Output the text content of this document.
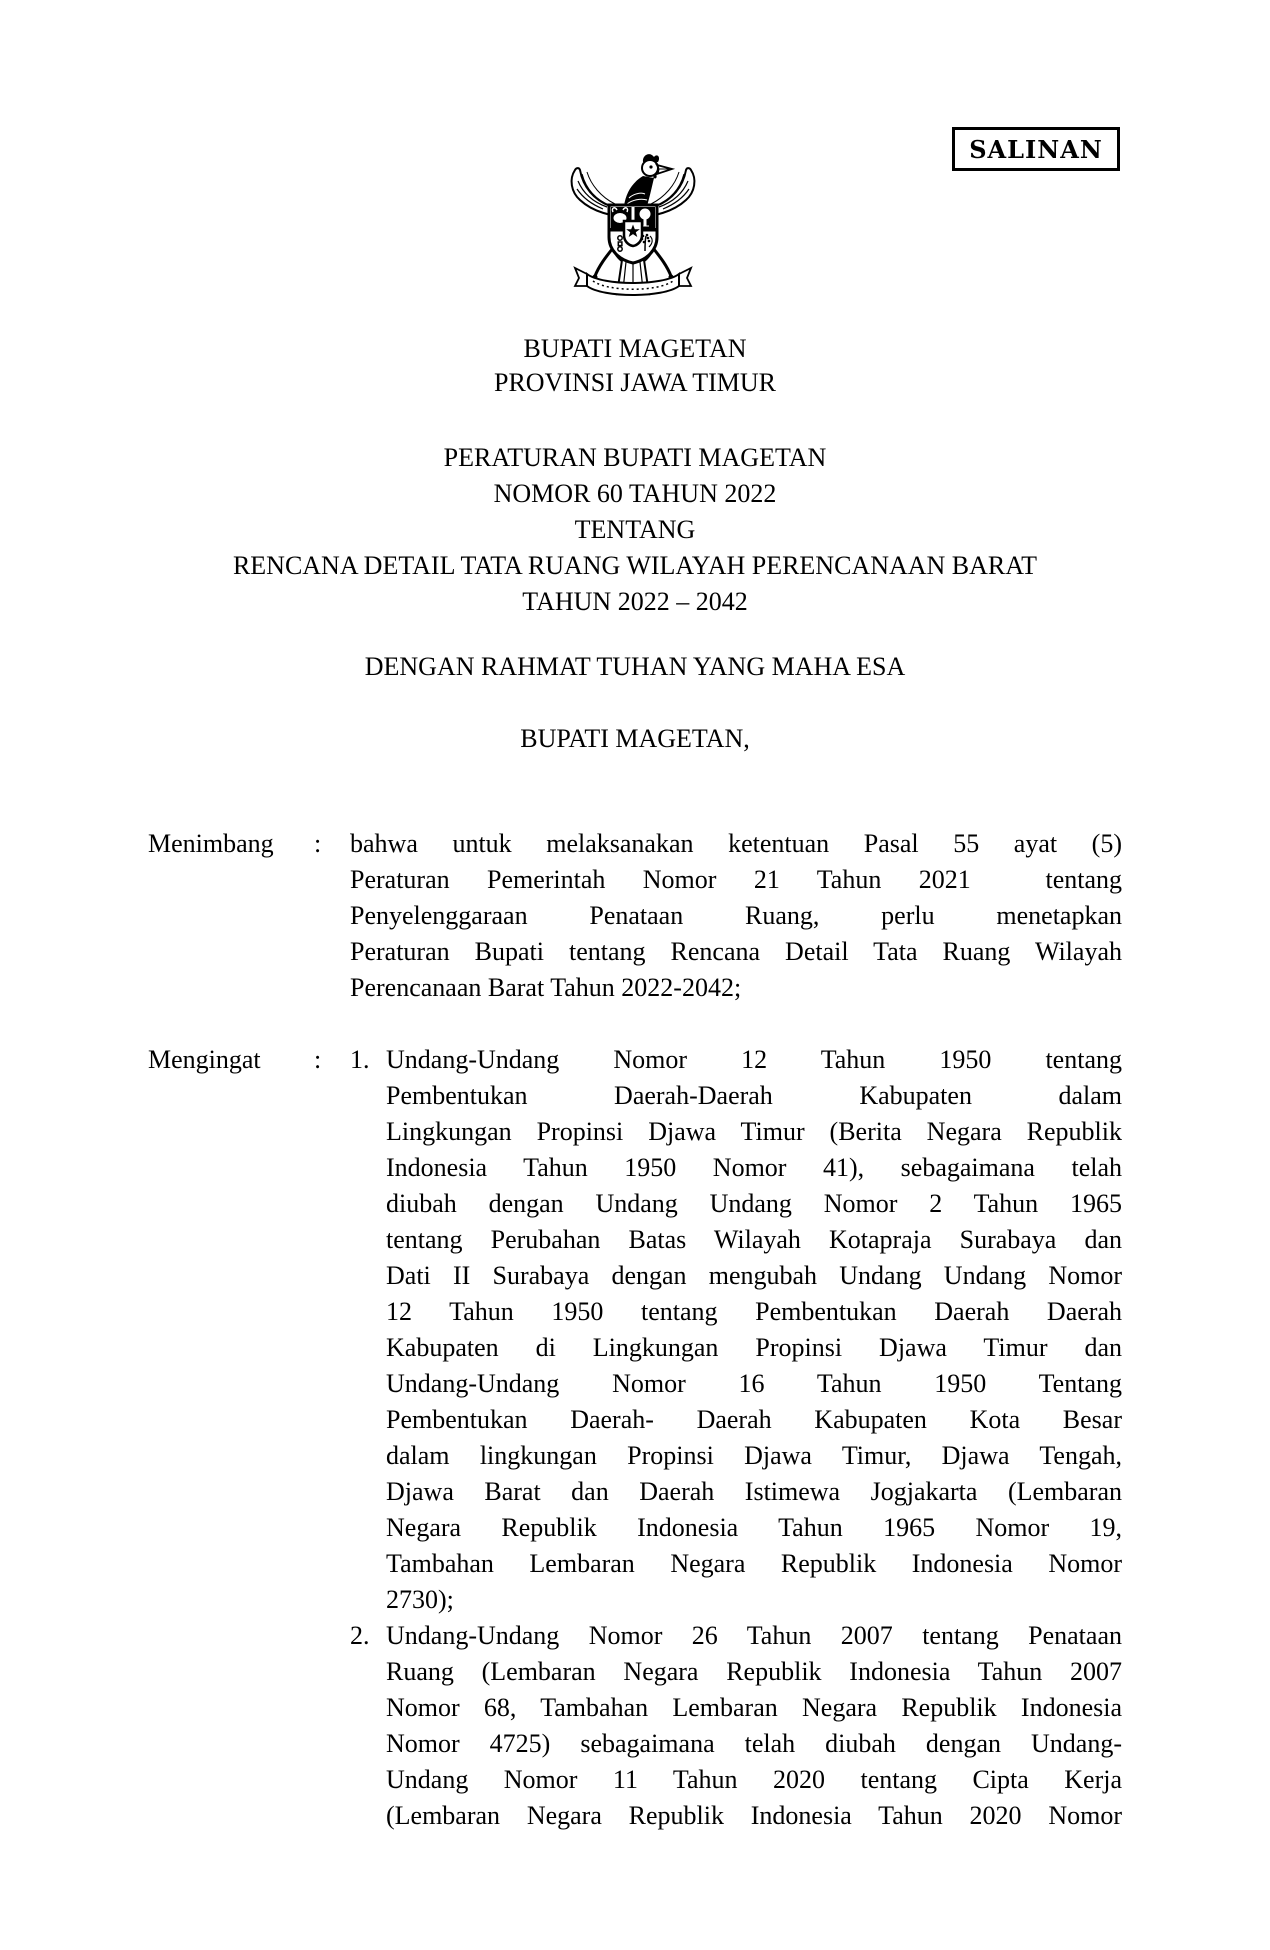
SALINAN
BUPATI MAGETAN
PROVINSI JAWA TIMUR
PERATURAN BUPATI MAGETAN
NOMOR 60 TAHUN 2022
TENTANG
RENCANA DETAIL TATA RUANG WILAYAH PERENCANAAN BARAT
TAHUN 2022 – 2042
DENGAN RAHMAT TUHAN YANG MAHA ESA
BUPATI MAGETAN,
Menimbang	:	bahwa untuk melaksanakan ketentuan Pasal 55 ayat (5)
Peraturan Pemerintah Nomor 21 Tahun 2021  tentang
Penyelenggaraan Penataan Ruang, perlu menetapkan
Peraturan Bupati tentang Rencana Detail Tata Ruang Wilayah
Perencanaan Barat Tahun 2022-2042;
Mengingat	:	1. Undang-Undang Nomor 12 Tahun 1950 tentang
Pembentukan Daerah-Daerah Kabupaten dalam
Lingkungan Propinsi Djawa Timur (Berita Negara Republik
Indonesia Tahun 1950 Nomor 41), sebagaimana telah
diubah dengan Undang Undang Nomor 2 Tahun 1965
tentang Perubahan Batas Wilayah Kotapraja Surabaya dan
Dati II Surabaya dengan mengubah Undang Undang Nomor
12 Tahun 1950 tentang Pembentukan Daerah Daerah
Kabupaten di Lingkungan Propinsi Djawa Timur dan
Undang-Undang Nomor 16 Tahun 1950 Tentang
Pembentukan Daerah- Daerah Kabupaten Kota Besar
dalam lingkungan Propinsi Djawa Timur, Djawa Tengah,
Djawa Barat dan Daerah Istimewa Jogjakarta (Lembaran
Negara Republik Indonesia Tahun 1965 Nomor 19,
Tambahan Lembaran Negara Republik Indonesia Nomor
2730);
2. Undang-Undang Nomor 26 Tahun 2007 tentang Penataan
Ruang (Lembaran Negara Republik Indonesia Tahun 2007
Nomor 68, Tambahan Lembaran Negara Republik Indonesia
Nomor 4725) sebagaimana telah diubah dengan Undang-
Undang Nomor 11 Tahun 2020 tentang Cipta Kerja
(Lembaran Negara Republik Indonesia Tahun 2020 Nomor
